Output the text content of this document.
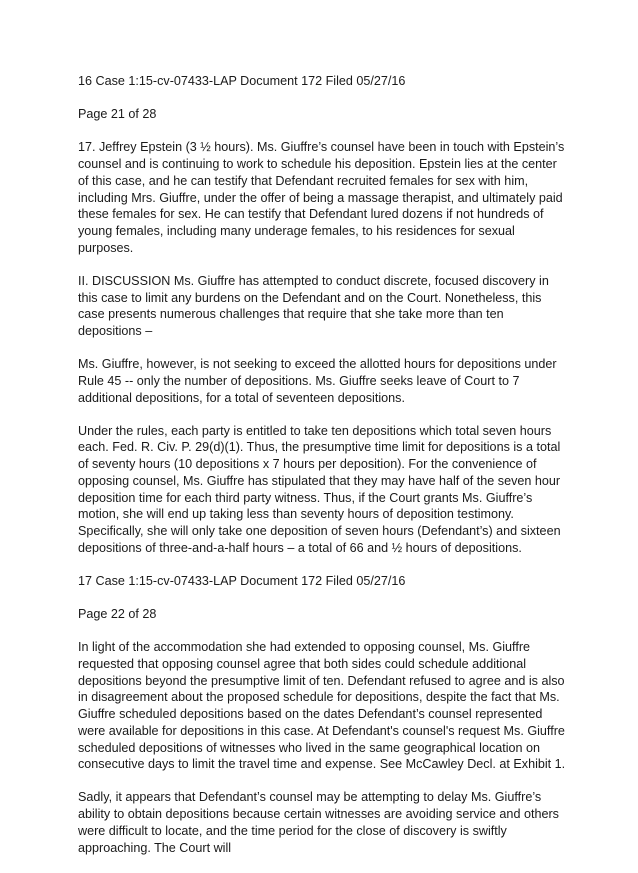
16 Case 1:15-cv-07433-LAP Document 172 Filed 05/27/16

Page 21 of 28

17. Jeffrey Epstein (3 ½ hours). Ms. Giuffre’s counsel have been in touch with Epstein’s counsel and is continuing to work to schedule his deposition. Epstein lies at the center of this case, and he can testify that Defendant recruited females for sex with him, including Mrs. Giuffre, under the offer of being a massage therapist, and ultimately paid these females for sex. He can testify that Defendant lured dozens if not hundreds of young females, including many underage females, to his residences for sexual purposes.

II. DISCUSSION Ms. Giuffre has attempted to conduct discrete, focused discovery in this case to limit any burdens on the Defendant and on the Court. Nonetheless, this case presents numerous challenges that require that she take more than ten depositions –

Ms. Giuffre, however, is not seeking to exceed the allotted hours for depositions under Rule 45 -- only the number of depositions. Ms. Giuffre seeks leave of Court to 7 additional depositions, for a total of seventeen depositions.

Under the rules, each party is entitled to take ten depositions which total seven hours each. Fed. R. Civ. P. 29(d)(1). Thus, the presumptive time limit for depositions is a total of seventy hours (10 depositions x 7 hours per deposition). For the convenience of opposing counsel, Ms. Giuffre has stipulated that they may have half of the seven hour deposition time for each third party witness. Thus, if the Court grants Ms. Giuffre’s motion, she will end up taking less than seventy hours of deposition testimony. Specifically, she will only take one deposition of seven hours (Defendant’s) and sixteen depositions of three-and-a-half hours – a total of 66 and ½ hours of depositions.

17 Case 1:15-cv-07433-LAP Document 172 Filed 05/27/16

Page 22 of 28

In light of the accommodation she had extended to opposing counsel, Ms. Giuffre requested that opposing counsel agree that both sides could schedule additional depositions beyond the presumptive limit of ten. Defendant refused to agree and is also in disagreement about the proposed schedule for depositions, despite the fact that Ms. Giuffre scheduled depositions based on the dates Defendant’s counsel represented were available for depositions in this case. At Defendant's counsel's request Ms. Giuffre scheduled depositions of witnesses who lived in the same geographical location on consecutive days to limit the travel time and expense. See McCawley Decl. at Exhibit 1.

Sadly, it appears that Defendant’s counsel may be attempting to delay Ms. Giuffre’s ability to obtain depositions because certain witnesses are avoiding service and others were difficult to locate, and the time period for the close of discovery is swiftly approaching. The Court will
